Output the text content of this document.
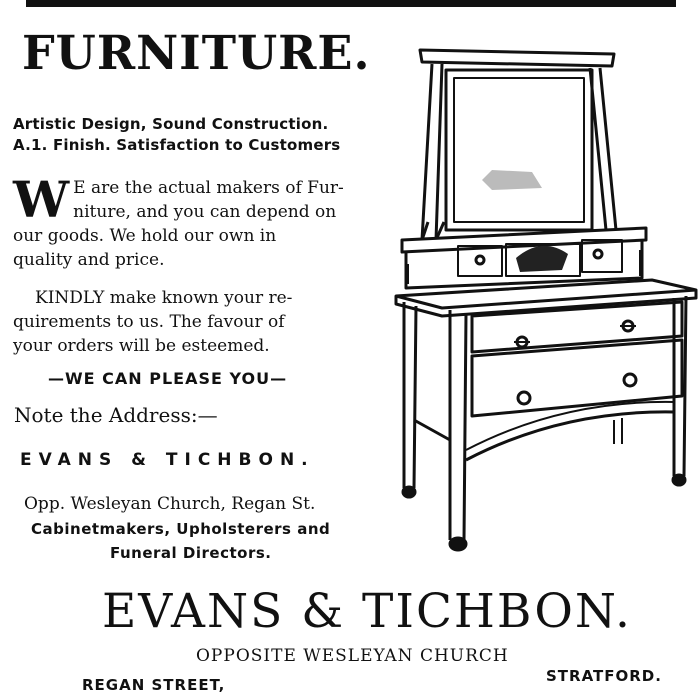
FURNITURE.
Artistic Design, Sound Construction.
A.1. Finish. Satisfaction to Customers
W E are the actual makers of Fur-
niture, and you can depend on
our goods. We hold our own in
quality and price.
KINDLY make known your re-
quirements to us. The favour of
your orders will be esteemed.
—WE CAN PLEASE YOU—
Note the Address:—
EVANS & TICHBON.
Opp. Wesleyan Church, Regan St.
Cabinetmakers, Upholsterers and
Funeral Directors.
EVANS & TICHBON.
OPPOSITE WESLEYAN CHURCH
REGAN STREET,	STRATFORD.
